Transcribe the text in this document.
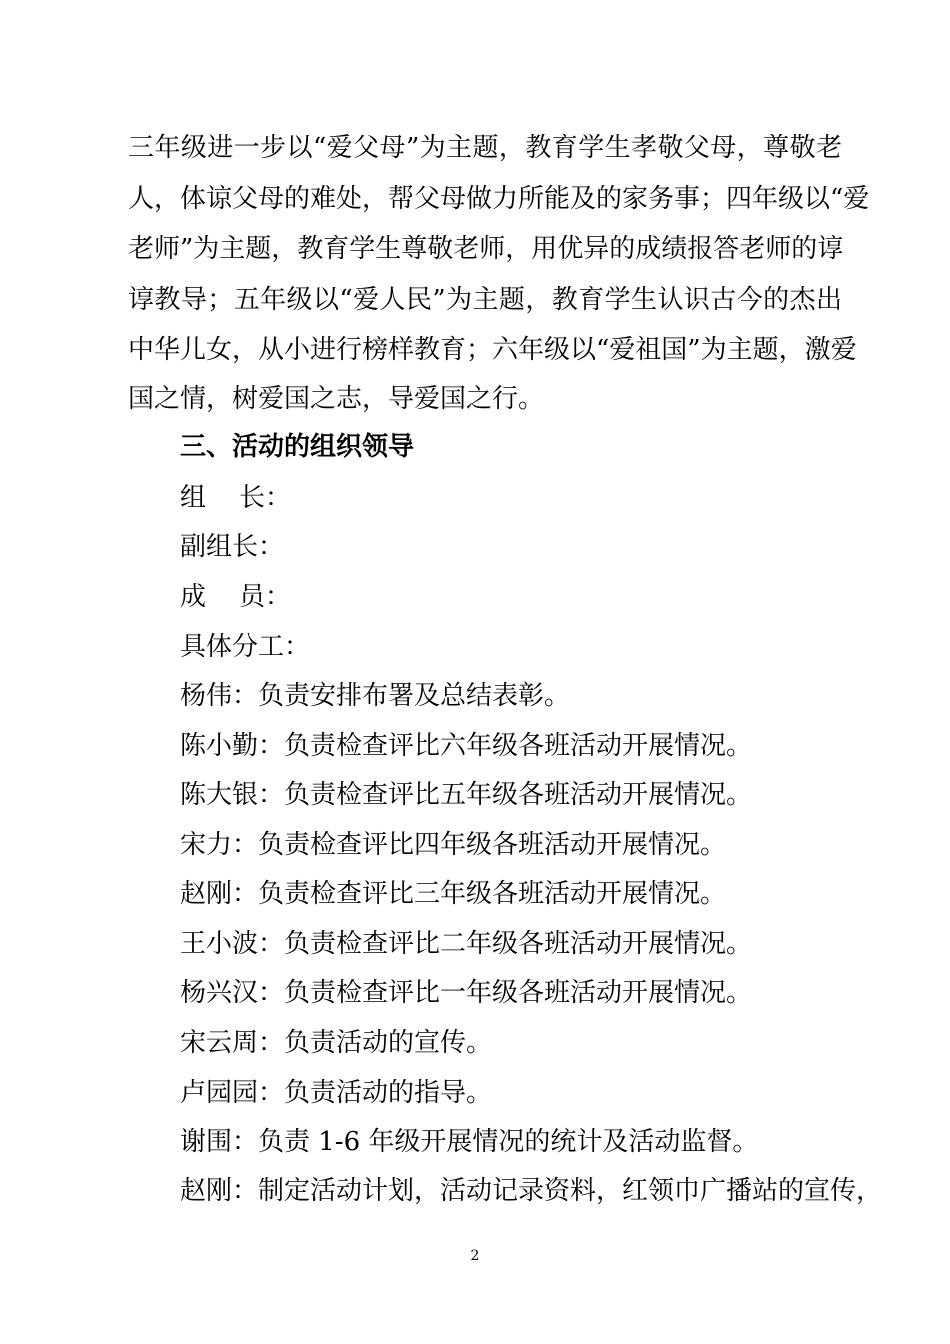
三年级进一步以“爱父母”为主题，教育学生孝敬父母，尊敬老
人，体谅父母的难处，帮父母做力所能及的家务事；四年级以“爱
老师”为主题，教育学生尊敬老师，用优异的成绩报答老师的谆
谆教导；五年级以“爱人民”为主题，教育学生认识古今的杰出
中华儿女，从小进行榜样教育；六年级以“爱祖国”为主题，激爱
国之情，树爱国之志，导爱国之行。
三、活动的组织领导
组    长：
副组长：
成    员：
具体分工：
杨伟：负责安排布署及总结表彰。
陈小勤：负责检查评比六年级各班活动开展情况。
陈大银：负责检查评比五年级各班活动开展情况。
宋力：负责检查评比四年级各班活动开展情况。
赵刚：负责检查评比三年级各班活动开展情况。
王小波：负责检查评比二年级各班活动开展情况。
杨兴汉：负责检查评比一年级各班活动开展情况。
宋云周：负责活动的宣传。
卢园园：负责活动的指导。
谢围：负责 1-6 年级开展情况的统计及活动监督。
赵刚：制定活动计划，活动记录资料，红领巾广播站的宣传，
2
